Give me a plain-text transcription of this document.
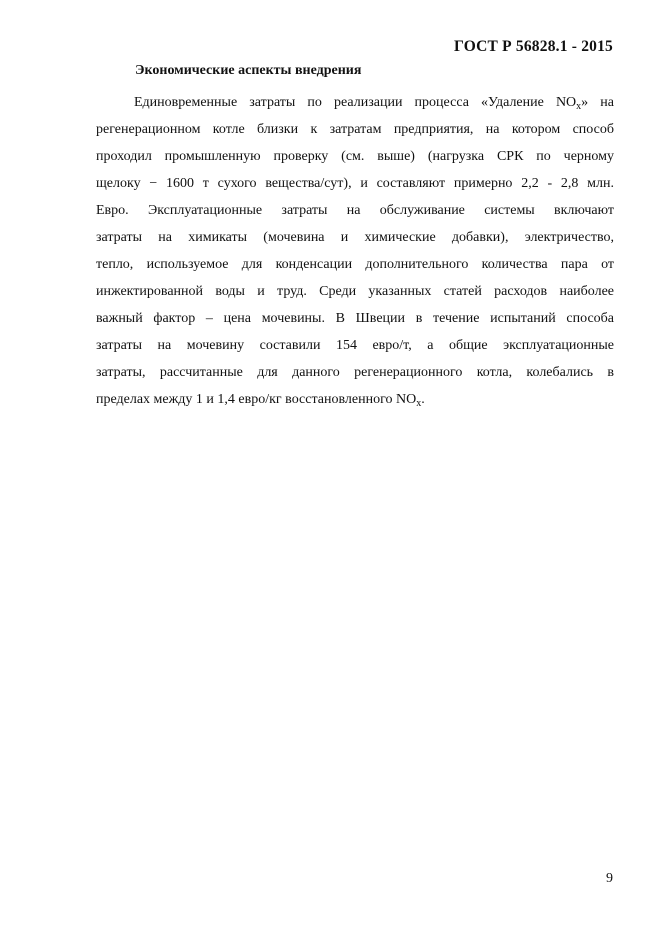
ГОСТ Р 56828.1 - 2015
Экономические аспекты внедрения
Единовременные затраты по реализации процесса «Удаление $NO_x$» на
регенерационном котле близки к затратам предприятия, на котором способ
проходил промышленную проверку (см. выше) (нагрузка СРК по черному
щелоку − 1600 т сухого вещества/сут), и составляют примерно 2,2 - 2,8 млн.
Евро. Эксплуатационные затраты на обслуживание системы включают
затраты на химикаты (мочевина и химические добавки), электричество,
тепло, используемое для конденсации дополнительного количества пара от
инжектированной воды и труд. Среди указанных статей расходов наиболее
важный фактор – цена мочевины. В Швеции в течение испытаний способа
затраты на мочевину составили 154 евро/т, а общие эксплуатационные
затраты, рассчитанные для данного регенерационного котла, колебались в
пределах между 1 и 1,4 евро/кг восстановленного $NO_x$.
9
